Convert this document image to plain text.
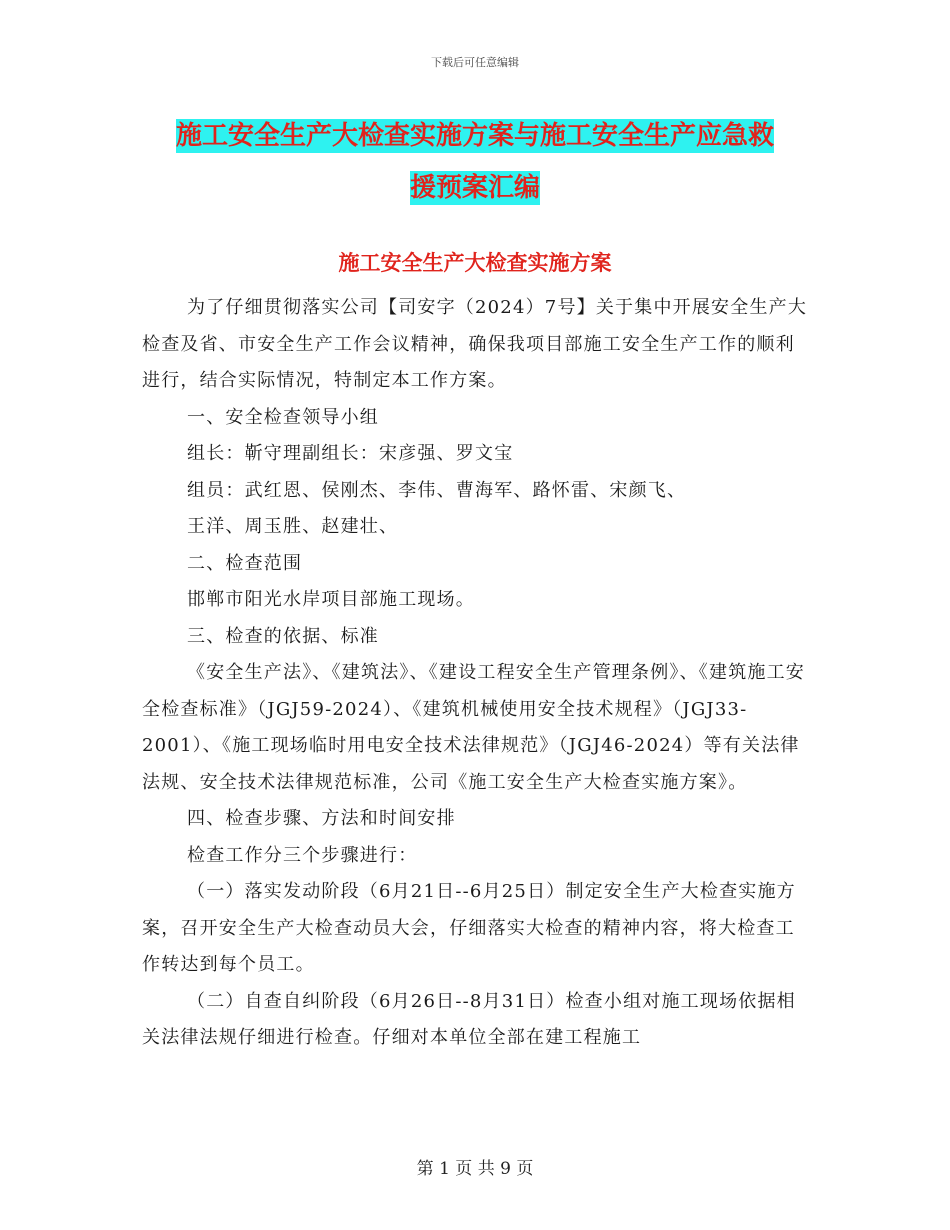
下载后可任意编辑
施工安全生产大检查实施方案与施工安全生产应急救
援预案汇编
施工安全生产大检查实施方案

为了仔细贯彻落实公司【司安字（2024）7号】关于集中开展安全生产大检查及省、市安全生产工作会议精神，确保我项目部施工安全生产工作的顺利进行，结合实际情况，特制定本工作方案。

一、安全检查领导小组

组长：靳守理副组长：宋彦强、罗文宝

组员：武红恩、侯刚杰、李伟、曹海军、路怀雷、宋颜飞、

王洋、周玉胜、赵建壮、

二、检查范围

邯郸市阳光水岸项目部施工现场。

三、检查的依据、标准

《安全生产法》、《建筑法》、《建设工程安全生产管理条例》、《建筑施工安全检查标准》（JGJ59-2024）、《建筑机械使用安全技术规程》（JGJ33-2001）、《施工现场临时用电安全技术法律规范》（JGJ46-2024）等有关法律法规、安全技术法律规范标准，公司《施工安全生产大检查实施方案》。

四、检查步骤、方法和时间安排

检查工作分三个步骤进行：

（一）落实发动阶段（6月21日--6月25日）制定安全生产大检查实施方案，召开安全生产大检查动员大会，仔细落实大检查的精神内容，将大检查工作转达到每个员工。

（二）自查自纠阶段（6月26日--8月31日）检查小组对施工现场依据相关法律法规仔细进行检查。仔细对本单位全部在建工程施工

第 1 页 共 9 页
